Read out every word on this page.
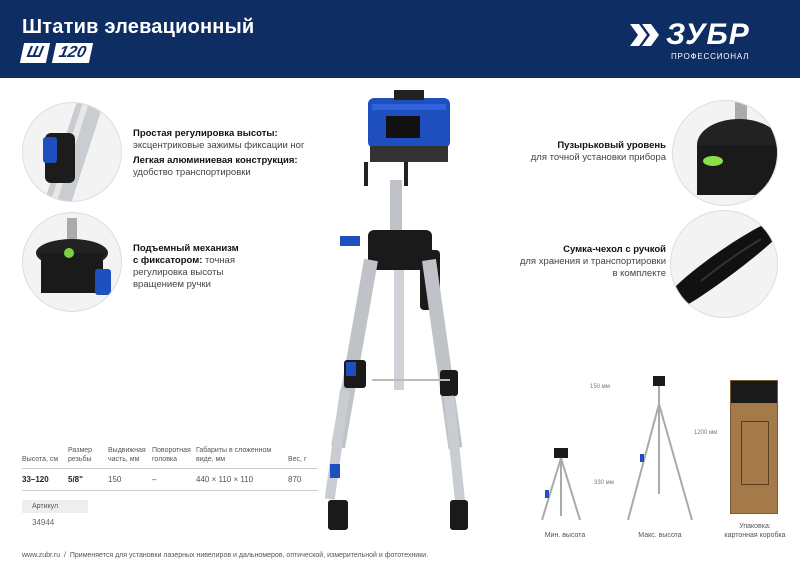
Штатив элевационный
Ш 120
ЗУБР
ПРОФЕССИОНАЛ
Простая регулировка высоты:
эксцентриковые зажимы фиксации ног
Легкая алюминиевая конструкция:
удобство транспортировки
Подъемный механизм
с фиксатором: точная
регулировка высоты
вращением ручки
Пузырьковый уровень
для точной установки прибора
Сумка-чехол с ручкой
для хранения и транспортировки
в комплекте
Высота, см	Размер резьбы	Выдвижная часть, мм	Поворотная головка	Габариты в сложенном виде, мм	Вес, г
33–120	5/8"	150	–	440 × 110 × 110	870
Артикул
34944
330 мм
150 мм
1200 мм
Мин. высота	Макс. высота
Упаковка:
картонная коробка
www.zubr.ru / Применяется для установки лазерных нивелиров и дальномеров, оптической, измерительной и фототехники.
